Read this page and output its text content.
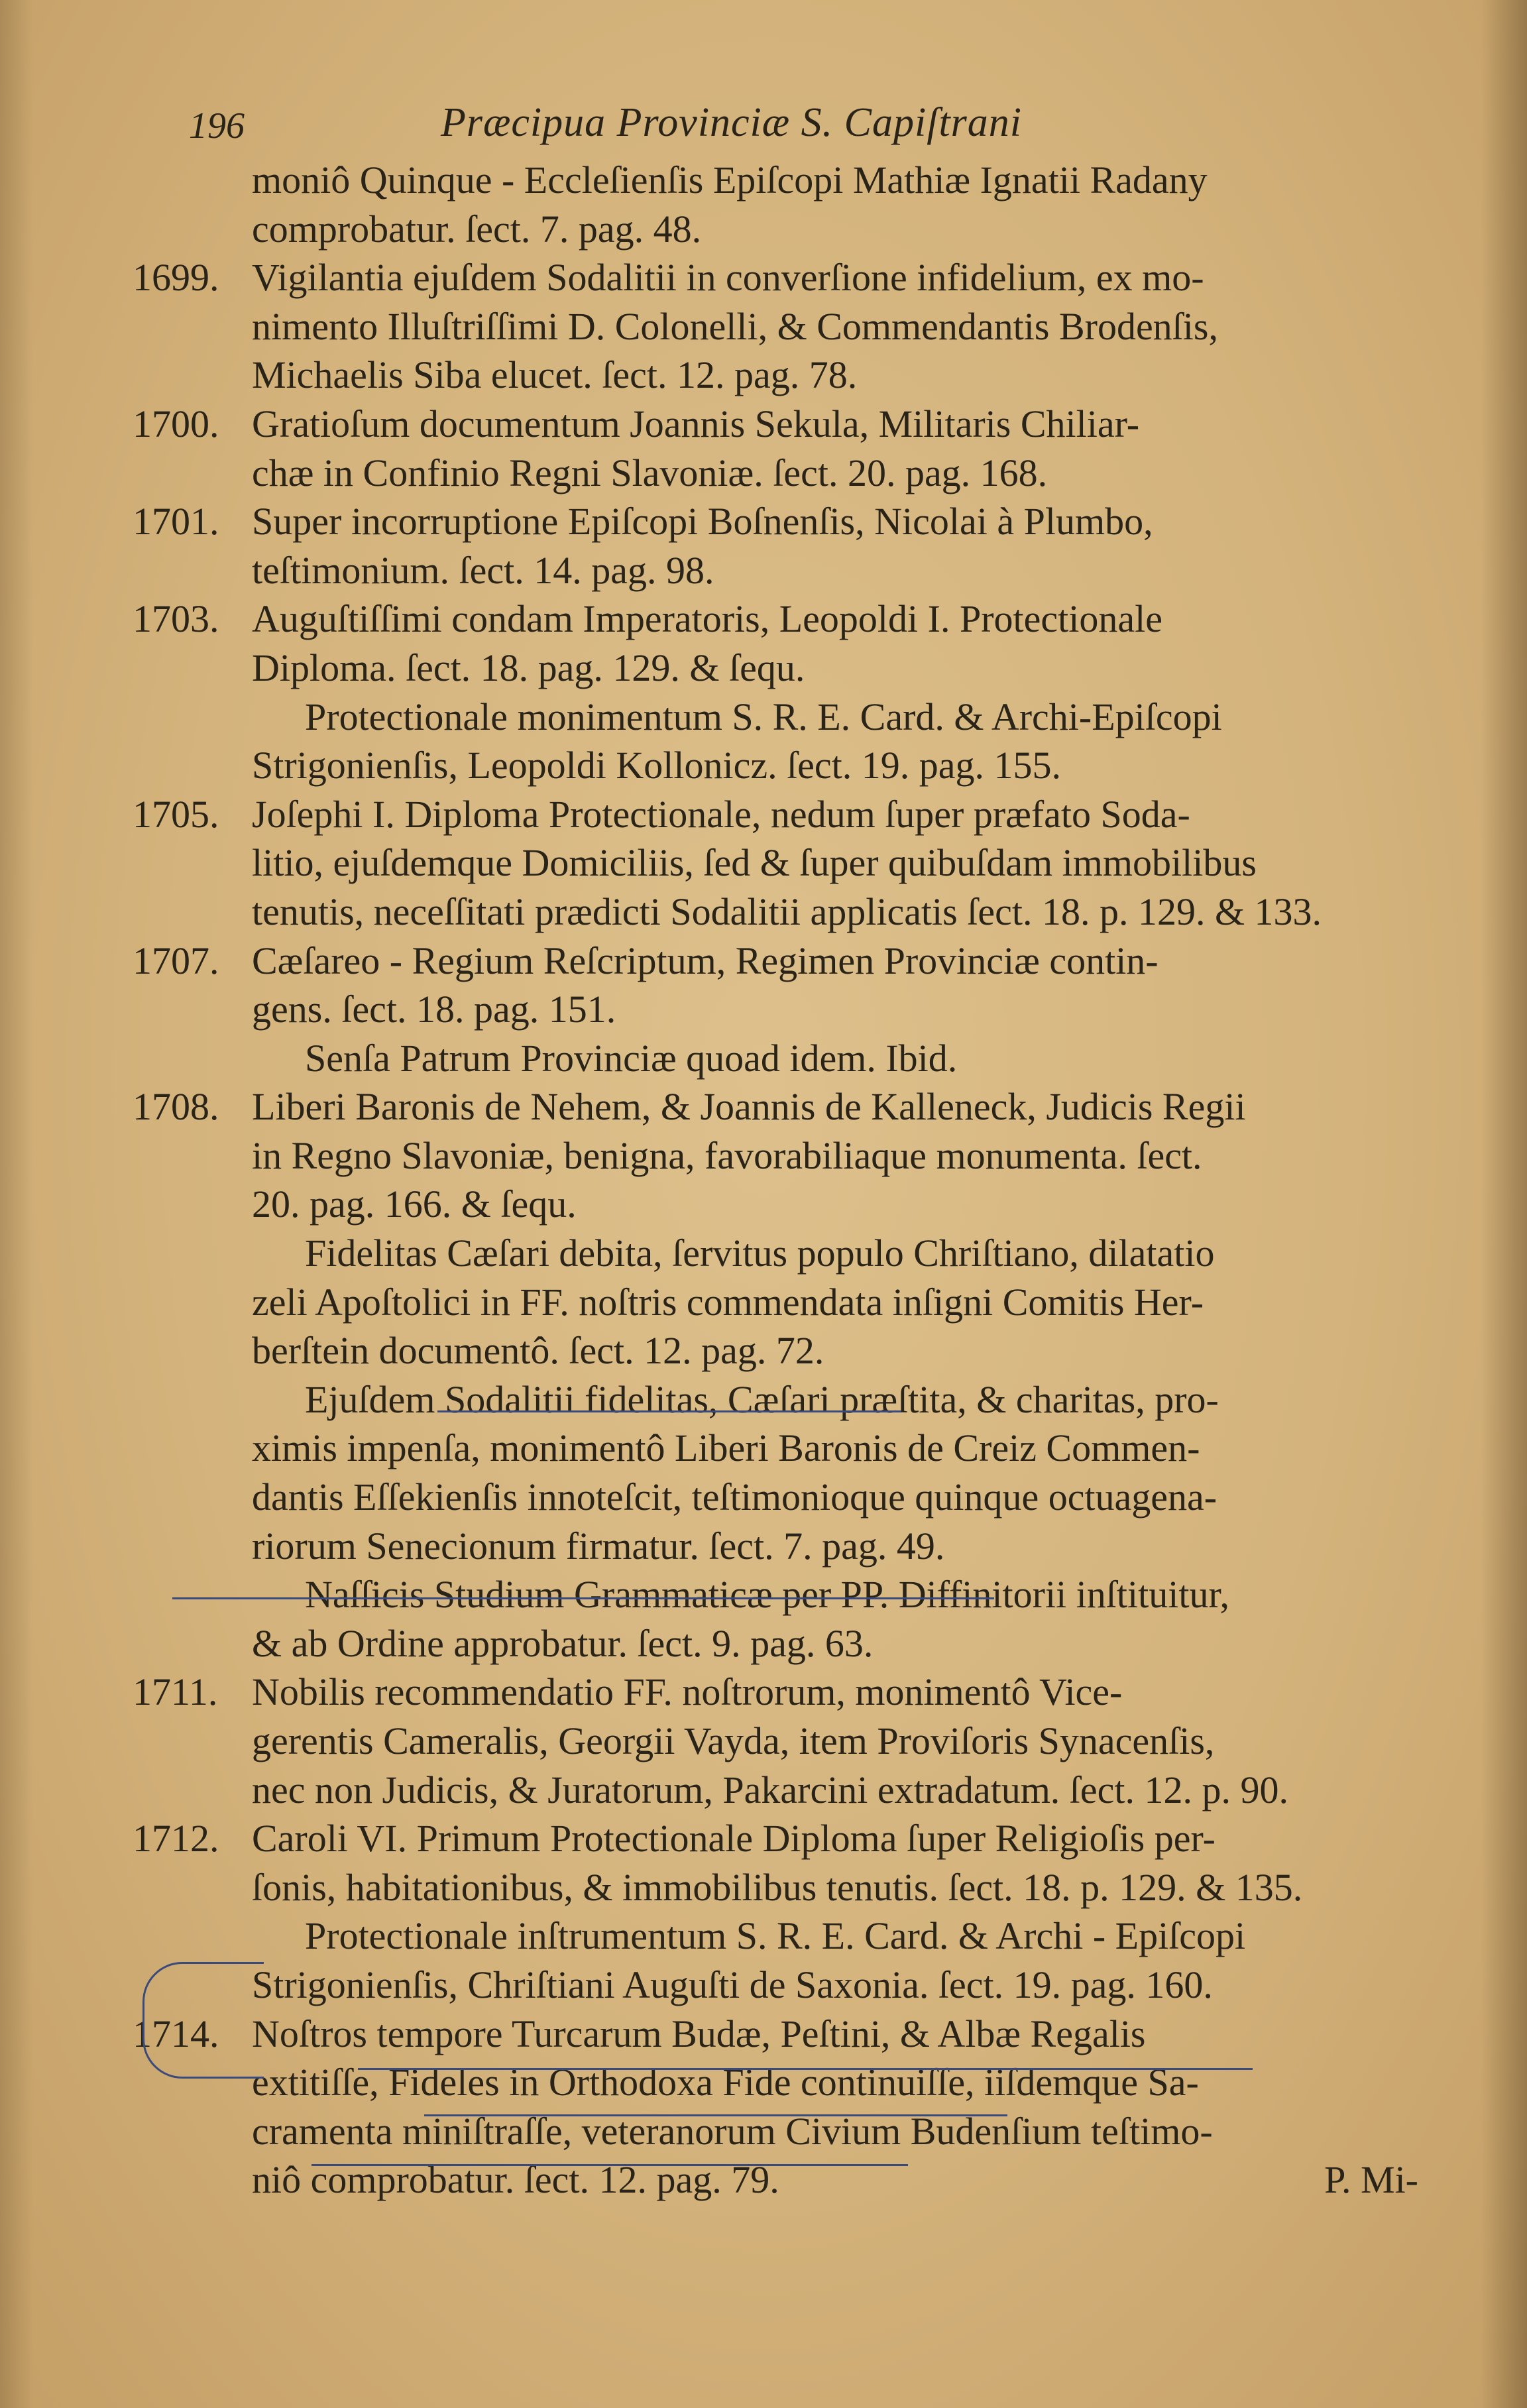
196	Præcipua Provinciæ S. Capiſtrani
moniô Quinque - Eccleſienſis Epiſcopi Mathiæ Ignatii Radany
comprobatur. ſect. 7. pag. 48.
1699. Vigilantia ejuſdem Sodalitii in converſione infidelium, ex mo-
nimento Illuſtriſſimi D. Colonelli, & Commendantis Brodenſis,
Michaelis Siba elucet. ſect. 12. pag. 78.
1700. Gratioſum documentum Joannis Sekula, Militaris Chiliar-
chæ in Confinio Regni Slavoniæ. ſect. 20. pag. 168.
1701. Super incorruptione Epiſcopi Boſnenſis, Nicolai à Plumbo,
teſtimonium. ſect. 14. pag. 98.
1703. Auguſtiſſimi condam Imperatoris, Leopoldi I. Protectionale
Diploma. ſect. 18. pag. 129. & ſequ.
Protectionale monimentum S. R. E. Card. & Archi-Epiſcopi
Strigonienſis, Leopoldi Kollonicz. ſect. 19. pag. 155.
1705. Joſephi I. Diploma Protectionale, nedum ſuper præfato Soda-
litio, ejuſdemque Domiciliis, ſed & ſuper quibuſdam immobilibus
tenutis, neceſſitati prædicti Sodalitii applicatis ſect. 18. p. 129. & 133.
1707. Cæſareo - Regium Reſcriptum, Regimen Provinciæ contin-
gens. ſect. 18. pag. 151.
Senſa Patrum Provinciæ quoad idem. Ibid.
1708. Liberi Baronis de Nehem, & Joannis de Kalleneck, Judicis Regii
in Regno Slavoniæ, benigna, favorabiliaque monumenta. ſect.
20. pag. 166. & ſequ.
Fidelitas Cæſari debita, ſervitus populo Chriſtiano, dilatatio
zeli Apoſtolici in FF. noſtris commendata inſigni Comitis Her-
berſtein documentô. ſect. 12. pag. 72.
Ejuſdem Sodalitii fidelitas, Cæſari præſtita, & charitas, pro-
ximis impenſa, monimentô Liberi Baronis de Creiz Commen-
dantis Eſſekienſis innoteſcit, teſtimonioque quinque octuagena-
riorum Senecionum firmatur. ſect. 7. pag. 49.
Naſſicis Studium Grammaticæ per PP. Diffinitorii inſtituitur,
& ab Ordine approbatur. ſect. 9. pag. 63.
1711. Nobilis recommendatio FF. noſtrorum, monimentô Vice-
gerentis Cameralis, Georgii Vayda, item Proviſoris Synacenſis,
nec non Judicis, & Juratorum, Pakarcini extradatum. ſect. 12. p. 90.
1712. Caroli VI. Primum Protectionale Diploma ſuper Religioſis per-
ſonis, habitationibus, & immobilibus tenutis. ſect. 18. p. 129. & 135.
Protectionale inſtrumentum S. R. E. Card. & Archi - Epiſcopi
Strigonienſis, Chriſtiani Auguſti de Saxonia. ſect. 19. pag. 160.
1714. Noſtros tempore Turcarum Budæ, Peſtini, & Albæ Regalis
extitiſſe, Fideles in Orthodoxa Fide continuiſſe, iiſdemque Sa-
cramenta miniſtraſſe, veteranorum Civium Budenſium teſtimo-
niô comprobatur. ſect. 12. pag. 79.	P. Mi-
